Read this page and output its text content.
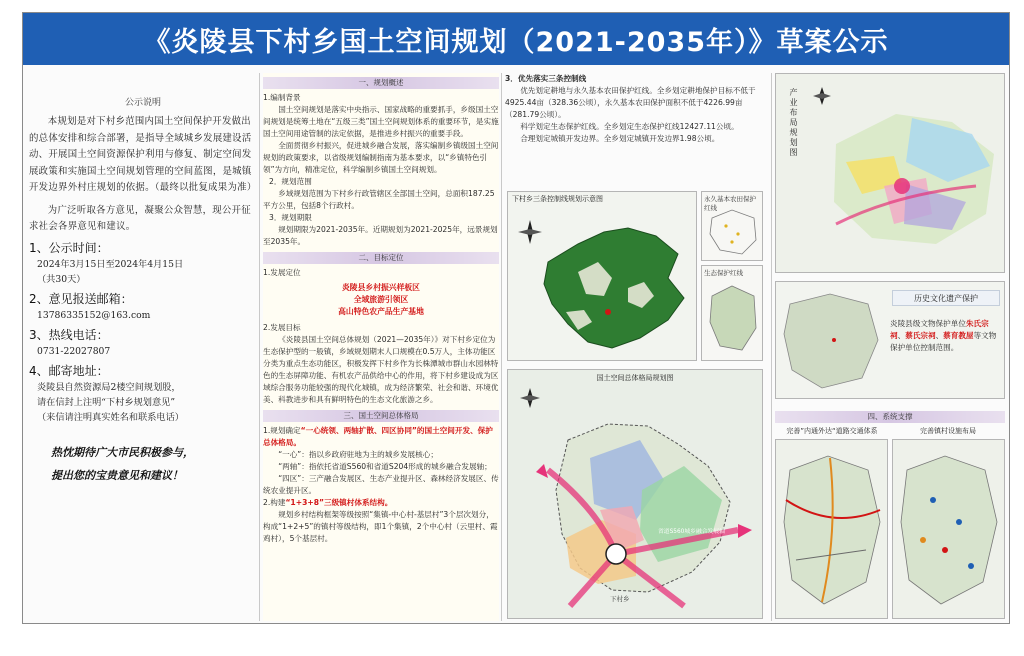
《炎陵县下村乡国土空间规划（2021-2035年）》草案公示
公示说明
本规划是对下村乡范围内国土空间保护开发做出的总体安排和综合部署，是指导全域城乡发展建设活动、开展国土空间资源保护利用与修复、制定空间发展政策和实施国土空间规划管理的空间蓝图，是城镇开发边界外村庄规划的依据。（最终以批复成果为准）
为广泛听取各方意见，凝聚公众智慧，现公开征求社会各界意见和建议。
1、公示时间：
2024年3月15日至2024年4月15日
（共30天）
2、意见报送邮箱：
13786335152@163.com
3、热线电话：
0731-22027807
4、邮寄地址：
炎陵县自然资源局2楼空间规划股，
请在信封上注明“下村乡规划意见”
（来信请注明真实姓名和联系电话）
热忱期待广大市民积极参与，
提出您的宝贵意见和建议！
一、规划概述
1.编制背景
国土空间规划是落实中央指示、国家战略的重要抓手，乡级国土空间规划是统筹土地在“五级三类”国土空间规划体系的重要环节，是实施国土空间用途管制的法定依据，是推进乡村振兴的重要手段。
全面贯彻乡村振兴，促进城乡融合发展，落实编制乡镇级国土空间规划的政策要求，以省级规划编制指南为基本要求，以“乡镇特色引领”为方向，精准定位，科学编制乡镇国土空间规划。
2．规划范围
乡域规划范围为下村乡行政管辖区全部国土空间，总面积187.25平方公里，包括8个行政村。
3．规划期限
规划期限为2021-2035年。近期规划为2021-2025年，远景规划至2035年。
二、目标定位
1.发展定位
炎陵县乡村振兴样板区
全域旅游引领区
高山特色农产品生产基地
2.发展目标
《炎陵县国土空间总体规划（2021—2035年）》对下村乡定位为生态保护型的一般镇，乡域规划期末人口规模在0.5万人，主体功能区分类为重点生态功能区，积极发挥下村乡作为长株潭城市群山水园林特色的生态屏障功能、有机农产品供给中心的作用，将下村乡建设成为区域综合服务功能较强的现代化城镇，成为经济繁荣、社会和谐、环境优美、科教进步和具有鲜明特色的生态文化旅游之乡。
三、国土空间总体格局
1.规划确定“一心统领、两轴扩散、四区协同”的国土空间开发、保护总体格局。
“一心”：指以乡政府驻地为主的城乡发展核心；
“两轴”：指依托省道S560和省道S204形成的城乡融合发展轴；
“四区”：三产融合发展区、生态产业提升区、森林经济发展区、传统农业提升区。
2.构建“1+3+8”三级镇村体系结构。
规划乡村结构框架等级按照“集镇-中心村-基层村”3个层次划分，构成“1+2+5”的镇村等级结构，即1个集镇，2个中心村（云里村、霞鸡村），5个基层村。
3．优先落实三条控制线
优先划定耕地与永久基本农田保护红线。全乡划定耕地保护目标不低于4925.44亩（328.36公顷），永久基本农田保护面积不低于4226.99亩（281.79公顷）。
科学划定生态保护红线。全乡划定生态保护红线12427.11公顷。
合理划定城镇开发边界。全乡划定城镇开发边界1.98公顷。
下村乡三条控制线规划示意图	永久基本农田保护红线
生态保护红线
国土空间总体格局规划图
下村乡
省道S560城乡融合发展轴
产业布局规划图
历史文化遗产保护
炎陵县级文物保护单位朱氏宗祠、蔡氏宗祠、蔡育教屋等文物保护单位控制范围。
四、系统支撑
完善”内通外达“道路交通体系	完善镇村设施布局
